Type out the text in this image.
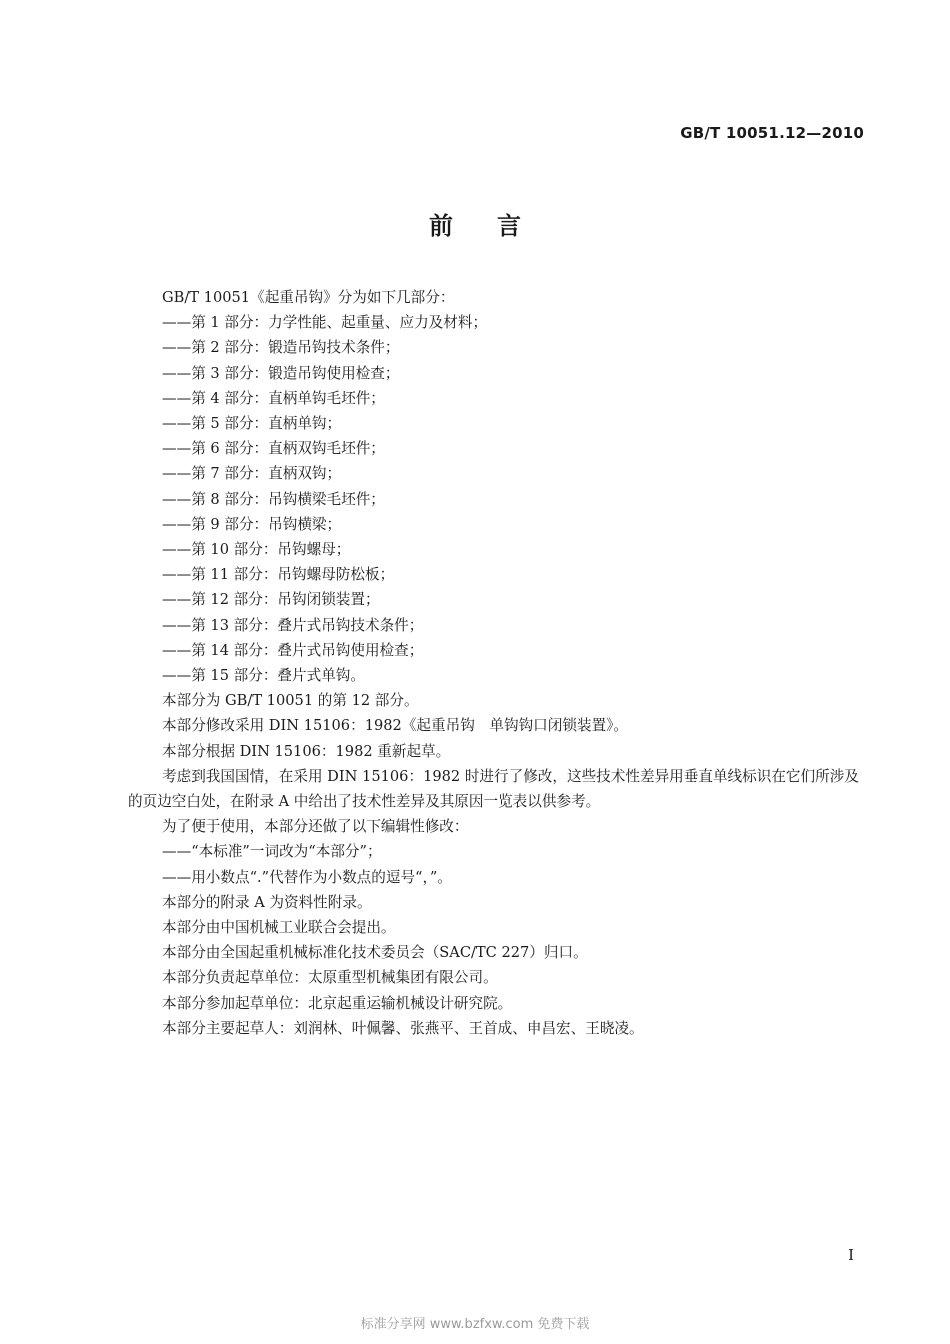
GB/T 10051.12—2010
前言

GB/T 10051《起重吊钩》分为如下几部分：

——第 1 部分：力学性能、起重量、应力及材料；

——第 2 部分：锻造吊钩技术条件；

——第 3 部分：锻造吊钩使用检查；

——第 4 部分：直柄单钩毛坯件；

——第 5 部分：直柄单钩；

——第 6 部分：直柄双钩毛坯件；

——第 7 部分：直柄双钩；

——第 8 部分：吊钩横梁毛坯件；

——第 9 部分：吊钩横梁；

——第 10 部分：吊钩螺母；

——第 11 部分：吊钩螺母防松板；

——第 12 部分：吊钩闭锁装置；

——第 13 部分：叠片式吊钩技术条件；

——第 14 部分：叠片式吊钩使用检查；

——第 15 部分：叠片式单钩。

本部分为 GB/T 10051 的第 12 部分。

本部分修改采用 DIN 15106：1982《起重吊钩　单钩钩口闭锁装置》。

本部分根据 DIN 15106：1982 重新起草。

考虑到我国国情，在采用 DIN 15106：1982 时进行了修改，这些技术性差异用垂直单线标识在它们所涉及的页边空白处，在附录 A 中给出了技术性差异及其原因一览表以供参考。

为了便于使用，本部分还做了以下编辑性修改：

——“本标准”一词改为“本部分”；

——用小数点“.”代替作为小数点的逗号“，”。

本部分的附录 A 为资料性附录。

本部分由中国机械工业联合会提出。

本部分由全国起重机械标准化技术委员会（SAC/TC 227）归口。

本部分负责起草单位：太原重型机械集团有限公司。

本部分参加起草单位：北京起重运输机械设计研究院。

本部分主要起草人：刘润林、叶佩馨、张燕平、王首成、申昌宏、王晓凌。

I
标准分享网 www.bzfxw.com 免费下载
